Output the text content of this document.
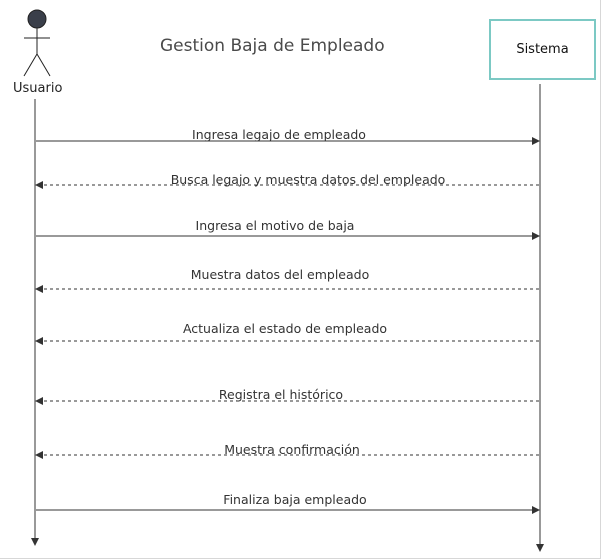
Gestion Baja de Empleado
Usuario
Sistema
Ingresa legajo de empleado
Busca legajo y muestra datos del empleado
Ingresa el motivo de baja
Muestra datos del empleado
Actualiza el estado de empleado
Registra el histórico
Muestra confirmación
Finaliza baja empleado
